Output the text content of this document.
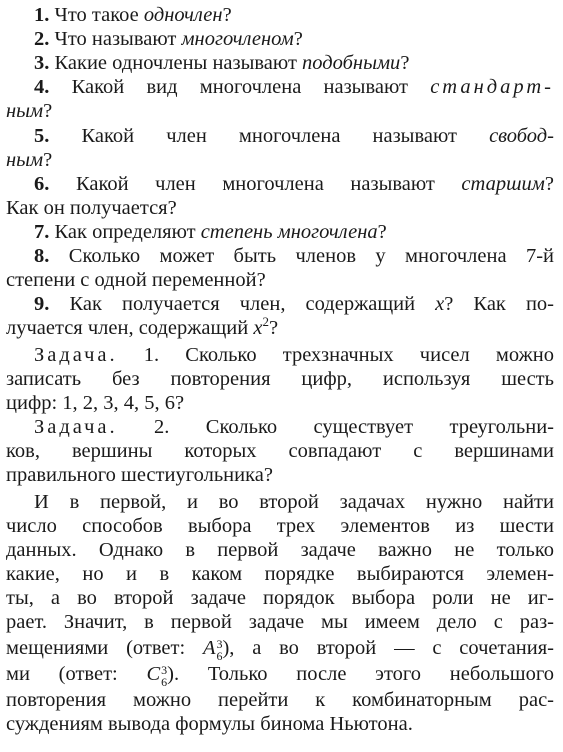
1. Что такое одночлен?
2. Что называют многочленом?
3. Какие одночлены называют подобными?
4. Какой вид многочлена называют стандарт-
ным?
5. Какой член многочлена называют свобод-
ным?
6. Какой член многочлена называют старшим?
Как он получается?
7. Как определяют степень многочлена?
8. Сколько может быть членов у многочлена 7-й
степени с одной переменной?
9. Как получается член, содержащий x? Как по-
лучается член, содержащий $x^2$?
Задача. 1. Сколько трехзначных чисел можно
записать без повторения цифр, используя шесть
цифр: 1, 2, 3, 4, 5, 6?
Задача. 2. Сколько существует треугольни-
ков, вершины которых совпадают с вершинами
правильного шестиугольника?
И в первой, и во второй задачах нужно найти
число способов выбора трех элементов из шести
данных. Однако в первой задаче важно не только
какие, но и в каком порядке выбираются элемен-
ты, а во второй задаче порядок выбора роли не иг-
рает. Значит, в первой задаче мы имеем дело с раз-
мещениями (ответ: A 3
6 ), а во второй — с сочетания-
ми (ответ: C 3
6 ). Только после этого небольшого
повторения можно перейти к комбинаторным рас-
суждениям вывода формулы бинома Ньютона.
